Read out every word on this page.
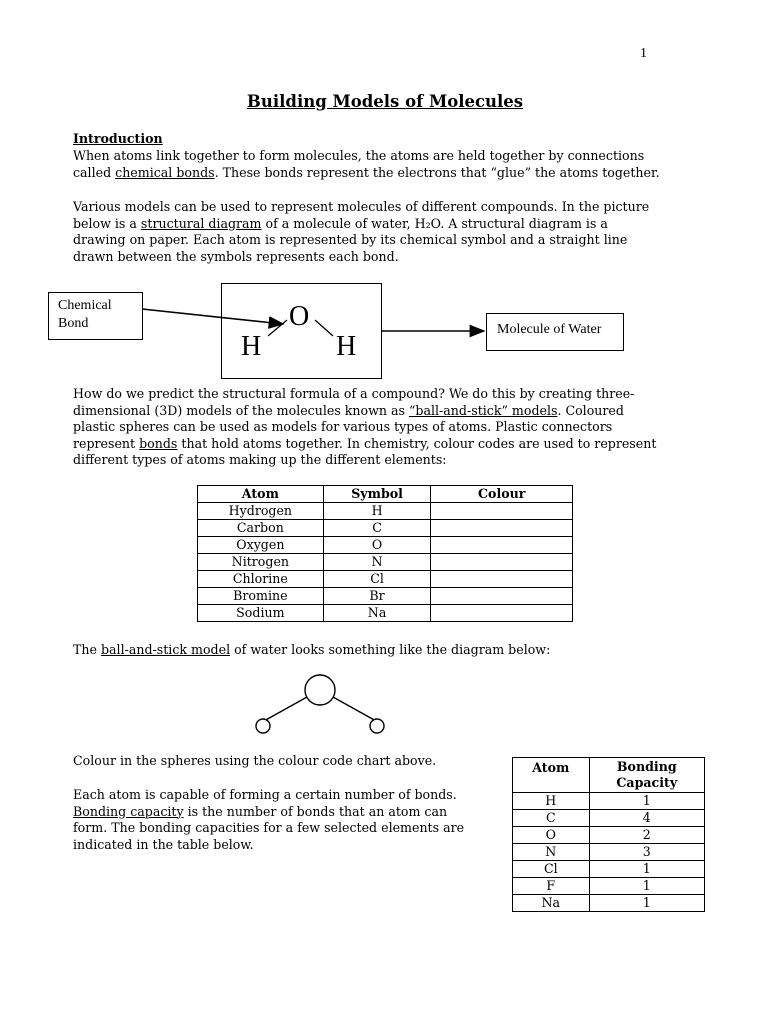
1
Building Models of Molecules
Introduction
When atoms link together to form molecules, the atoms are held together by connections
called chemical bonds. These bonds represent the electrons that “glue” the atoms together.
Various models can be used to represent molecules of different compounds. In the picture
below is a structural diagram of a molecule of water, H₂O. A structural diagram is a
drawing on paper. Each atom is represented by its chemical symbol and a straight line
drawn between the symbols represents each bond.
Chemical
Bond	O
H	H
Molecule of Water
How do we predict the structural formula of a compound? We do this by creating three-
dimensional (3D) models of the molecules known as “ball-and-stick” models. Coloured
plastic spheres can be used as models for various types of atoms. Plastic connectors
represent bonds that hold atoms together. In chemistry, colour codes are used to represent
different types of atoms making up the different elements:
Atom	Symbol	Colour
Hydrogen	H	
Carbon	C	
Oxygen	O	
Nitrogen	N	
Chlorine	Cl	
Bromine	Br	
Sodium	Na	
The ball-and-stick model of water looks something like the diagram below:
Colour in the spheres using the colour code chart above.
Each atom is capable of forming a certain number of bonds.
Bonding capacity is the number of bonds that an atom can
form. The bonding capacities for a few selected elements are
indicated in the table below.
Atom	Bonding
Capacity

H	1
C	4
O	2
N	3
Cl	1
F	1
Na	1
